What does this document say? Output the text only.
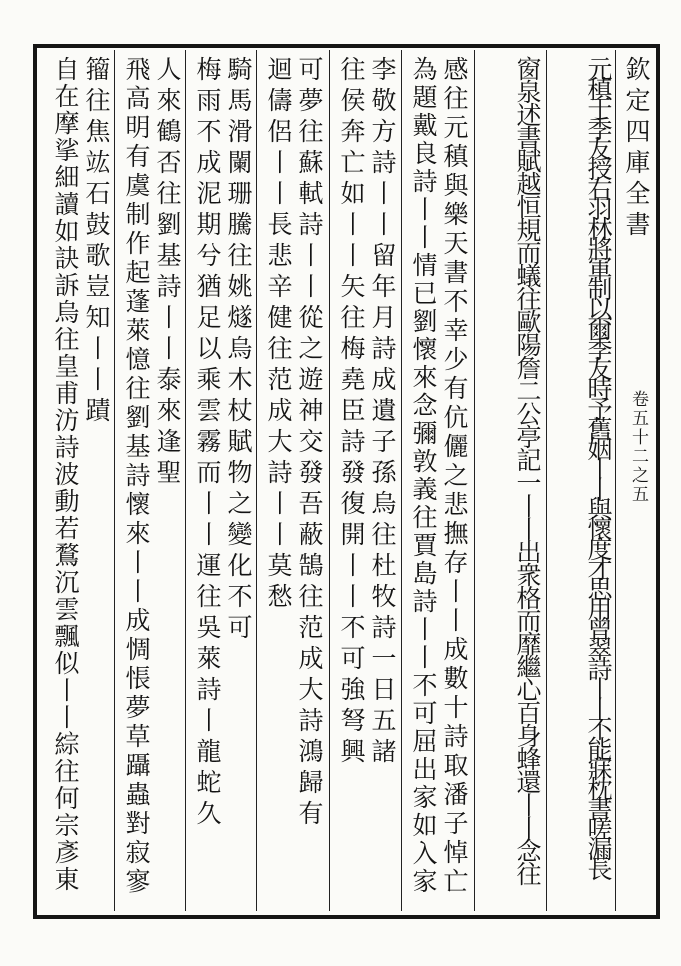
欽定四庫全書
卷五十二之五
元稹于季友授右羽林將軍制以爾季友時予舊姻丨丨與懷度才思用曾翠詩丨丨不能寐枕書嗟漏長
窗泉述書賦越恒規而蟻往歐陽詹二公亭記一丨丨出衆格而靡繼心百身蜂還丨丨念往
感往元稹與樂天書不幸少有伉儷之悲撫存丨丨成數十詩取潘子悼亡
為題戴良詩丨丨情已劉懷來念彌敦義往賈島詩丨丨不可屈出家如入家
李敬方詩丨丨留年月詩成遺子孫烏往杜牧詩一日五諸
往侯奔亡如丨丨矢往梅堯臣詩發復開丨丨不可強弩興
可夢往蘇軾詩丨丨從之遊神交發吾蔽鵠往范成大詩鴻歸有
迴儔侶丨丨長悲辛健往范成大詩丨丨莫愁
騎馬滑闌珊騰往姚燧烏木杖賦物之變化不可
梅雨不成泥期兮猶足以乘雲霧而丨丨運往吳萊詩丨龍蛇久
人來鶴否往劉基詩丨丨泰來逢聖
飛高明有虞制作起蓬萊憶往劉基詩懷來丨丨成惆悵夢草躡蟲對寂寥
籀往焦竑石鼓歌豈知丨丨蹟
自在摩挲細讀如訣訴烏往皇甫汸詩波動若鶩沉雲飄似丨丨綜往何宗彥東
